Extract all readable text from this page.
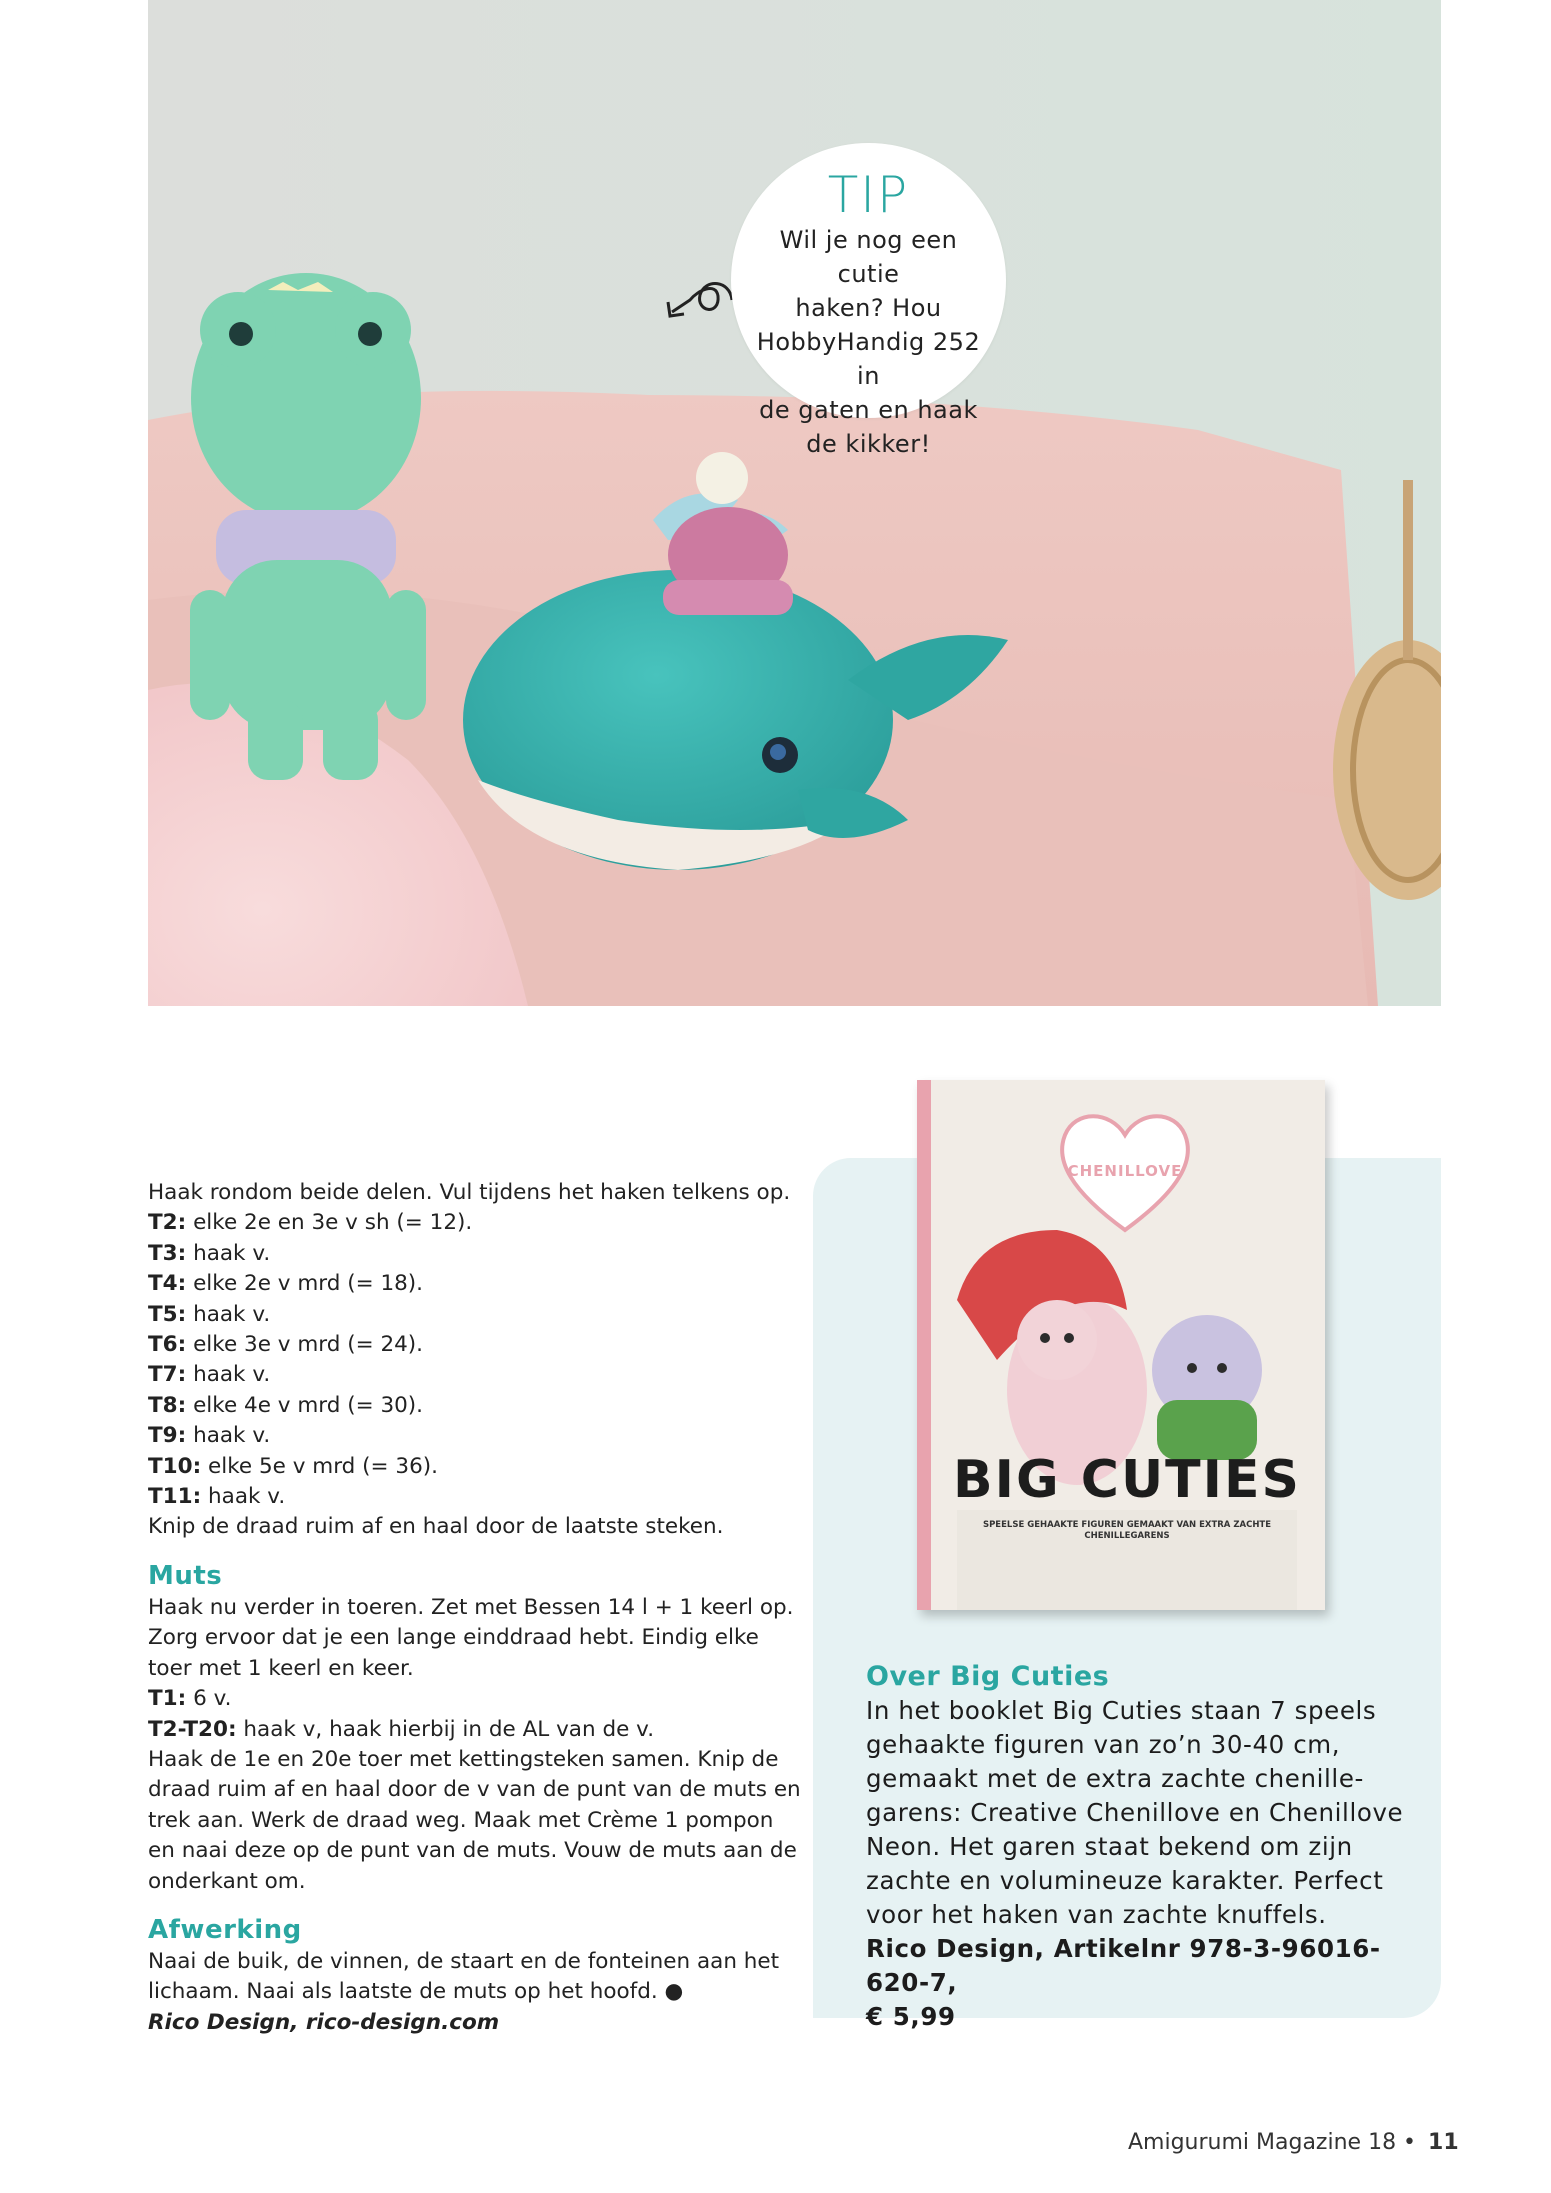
TIP
Wil je nog een cutie
haken? Hou
HobbyHandig 252 in
de gaten en haak
de kikker!
Haak rondom beide delen. Vul tijdens het haken telkens op.
T2: elke 2e en 3e v sh (= 12).
T3: haak v.
T4: elke 2e v mrd (= 18).
T5: haak v.
T6: elke 3e v mrd (= 24).
T7: haak v.
T8: elke 4e v mrd (= 30).
T9: haak v.
T10: elke 5e v mrd (= 36).
T11: haak v.
Knip de draad ruim af en haal door de laatste steken.
Muts
Haak nu verder in toeren. Zet met Bessen 14 l + 1 keerl op.
Zorg ervoor dat je een lange einddraad hebt. Eindig elke
toer met 1 keerl en keer.
T1: 6 v.
T2-T20: haak v, haak hierbij in de AL van de v.
Haak de 1e en 20e toer met kettingsteken samen. Knip de
draad ruim af en haal door de v van de punt van de muts en
trek aan. Werk de draad weg. Maak met Crème 1 pompon
en naai deze op de punt van de muts. Vouw de muts aan de
onderkant om.
Afwerking
Naai de buik, de vinnen, de staart en de fonteinen aan het
lichaam. Naai als laatste de muts op het hoofd. ●
Rico Design, rico-design.com
CHENILLOVE
BIG CUTIES
SPEELSE GEHAAKTE FIGUREN GEMAAKT VAN EXTRA ZACHTE CHENILLEGARENS
Over Big Cuties
In het booklet Big Cuties staan 7 speels
gehaakte figuren van zo’n 30-40 cm,
gemaakt met de extra zachte chenille-
garens: Creative Chenillove en Chenillove
Neon. Het garen staat bekend om zijn
zachte en volumineuze karakter. Perfect
voor het haken van zachte knuffels.
Rico Design, Artikelnr 978-3-96016-620-7,
€ 5,99
Amigurumi Magazine 18 • 11
